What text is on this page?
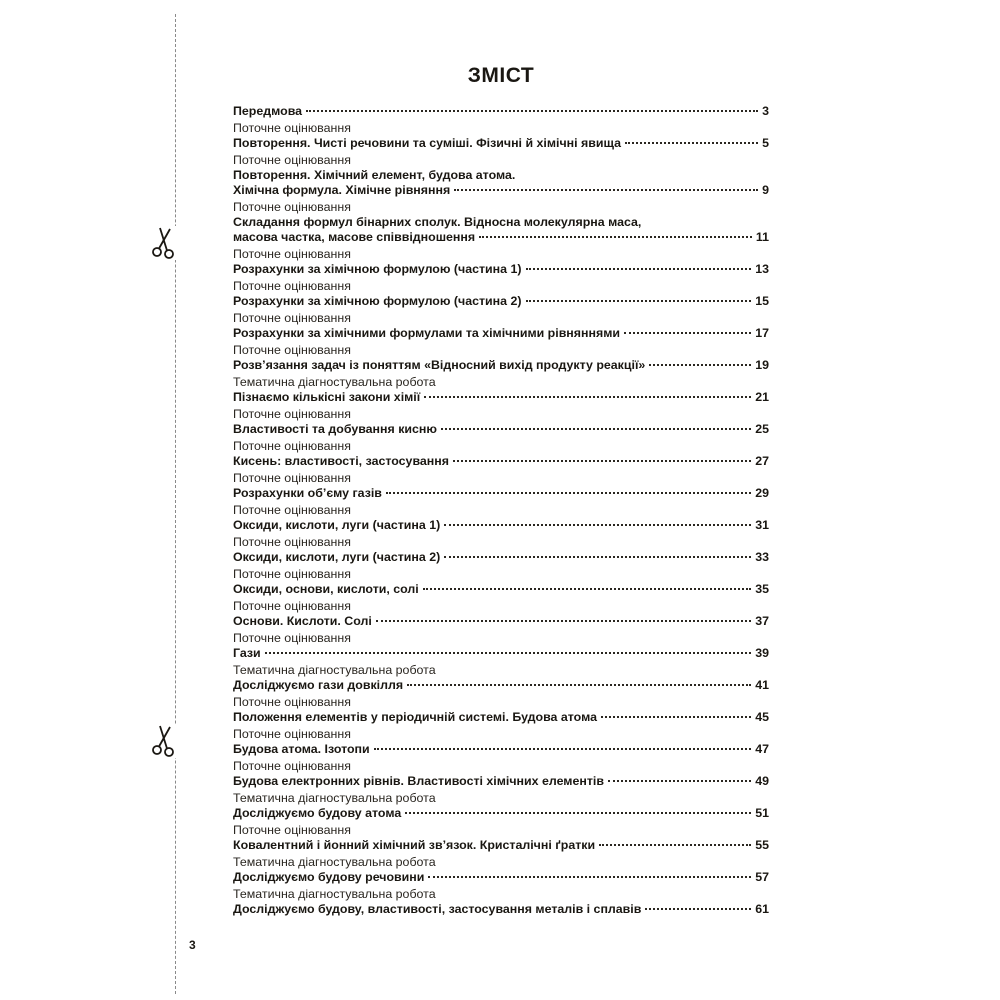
3
ЗМІСТ
Передмова	3
Поточне оцінювання
Повторення. Чисті речовини та суміші. Фізичні й хімічні явища	5
Поточне оцінювання
Повторення. Хімічний елемент, будова атома.
Хімічна формула. Хімічне рівняння	9
Поточне оцінювання
Складання формул бінарних сполук. Відносна молекулярна маса,
масова частка, масове співвідношення	11
Поточне оцінювання
Розрахунки за хімічною формулою (частина 1)	13
Поточне оцінювання
Розрахунки за хімічною формулою (частина 2)	15
Поточне оцінювання
Розрахунки за хімічними формулами та хімічними рівняннями	17
Поточне оцінювання
Розв’язання задач із поняттям «Відносний вихід продукту реакції»	19
Тематична діагностувальна робота
Пізнаємо кількісні закони хімії	21
Поточне оцінювання
Властивості та добування кисню	25
Поточне оцінювання
Кисень: властивості, застосування	27
Поточне оцінювання
Розрахунки об’єму газів	29
Поточне оцінювання
Оксиди, кислоти, луги (частина 1)	31
Поточне оцінювання
Оксиди, кислоти, луги (частина 2)	33
Поточне оцінювання
Оксиди, основи, кислоти, солі	35
Поточне оцінювання
Основи. Кислоти. Солі	37
Поточне оцінювання
Гази	39
Тематична діагностувальна робота
Досліджуємо гази довкілля	41
Поточне оцінювання
Положення елементів у періодичній системі. Будова атома	45
Поточне оцінювання
Будова атома. Ізотопи	47
Поточне оцінювання
Будова електронних рівнів. Властивості хімічних елементів	49
Тематична діагностувальна робота
Досліджуємо будову атома	51
Поточне оцінювання
Ковалентний і йонний хімічний зв’язок. Кристалічні ґратки	55
Тематична діагностувальна робота
Досліджуємо будову речовини	57
Тематична діагностувальна робота
Досліджуємо будову, властивості, застосування металів і сплавів	61
